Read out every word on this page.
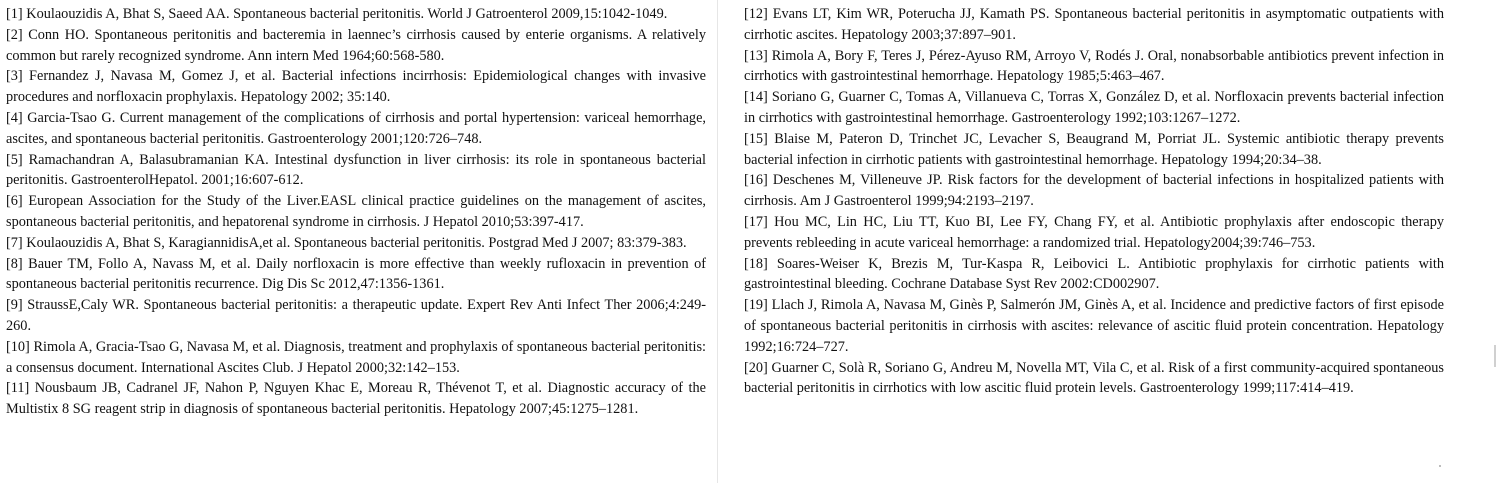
[1] Koulaouzidis A, Bhat S, Saeed AA. Spontaneous bacterial peritonitis. World J Gatroenterol 2009,15:1042-1049.

[2] Conn HO. Spontaneous peritonitis and bacteremia in laennec’s cirrhosis caused by enterie organisms. A relatively common but rarely recognized syndrome. Ann intern Med 1964;60:568-580.

[3] Fernandez J, Navasa M, Gomez J, et al. Bacterial infections incirrhosis: Epidemiological changes with invasive procedures and norfloxacin prophylaxis. Hepatology 2002; 35:140.

[4] Garcia-Tsao G. Current management of the complications of cirrhosis and portal hypertension: variceal hemorrhage, ascites, and spontaneous bacterial peritonitis. Gastroenterology 2001;120:726–748.

[5] Ramachandran A, Balasubramanian KA. Intestinal dysfunction in liver cirrhosis: its role in spontaneous bacterial peritonitis. GastroenterolHepatol. 2001;16:607-612.

[6] European Association for the Study of the Liver.EASL clinical practice guidelines on the management of ascites, spontaneous bacterial peritonitis, and hepatorenal syndrome in cirrhosis. J Hepatol 2010;53:397-417.

[7] Koulaouzidis A, Bhat S, KaragiannidisA,et al. Spontaneous bacterial peritonitis. Postgrad Med J 2007; 83:379-383.

[8] Bauer TM, Follo A, Navass M, et al. Daily norfloxacin is more effective than weekly rufloxacin in prevention of spontaneous bacterial peritonitis recurrence. Dig Dis Sc 2012,47:1356-1361.

[9] StraussE,Caly WR. Spontaneous bacterial peritonitis: a therapeutic update. Expert Rev Anti Infect Ther 2006;4:249-260.

[10] Rimola A, Gracia-Tsao G, Navasa M, et al. Diagnosis, treatment and prophylaxis of spontaneous bacterial peritonitis: a consensus document. International Ascites Club. J Hepatol 2000;32:142–153.

[11] Nousbaum JB, Cadranel JF, Nahon P, Nguyen Khac E, Moreau R, Thévenot T, et al. Diagnostic accuracy of the Multistix 8 SG reagent strip in diagnosis of spontaneous bacterial peritonitis. Hepatology 2007;45:1275–1281.

[12] Evans LT, Kim WR, Poterucha JJ, Kamath PS. Spontaneous bacterial peritonitis in asymptomatic outpatients with cirrhotic ascites. Hepatology 2003;37:897–901.

[13] Rimola A, Bory F, Teres J, Pérez-Ayuso RM, Arroyo V, Rodés J. Oral, nonabsorbable antibiotics prevent infection in cirrhotics with gastrointestinal hemorrhage. Hepatology 1985;5:463–467.

[14] Soriano G, Guarner C, Tomas A, Villanueva C, Torras X, González D, et al. Norfloxacin prevents bacterial infection in cirrhotics with gastrointestinal hemorrhage. Gastroenterology 1992;103:1267–1272.

[15] Blaise M, Pateron D, Trinchet JC, Levacher S, Beaugrand M, Porriat JL. Systemic antibiotic therapy prevents bacterial infection in cirrhotic patients with gastrointestinal hemorrhage. Hepatology 1994;20:34–38.

[16] Deschenes M, Villeneuve JP. Risk factors for the development of bacterial infections in hospitalized patients with cirrhosis. Am J Gastroenterol 1999;94:2193–2197.

[17] Hou MC, Lin HC, Liu TT, Kuo BI, Lee FY, Chang FY, et al. Antibiotic prophylaxis after endoscopic therapy prevents rebleeding in acute variceal hemorrhage: a randomized trial. Hepatology2004;39:746–753.

[18] Soares-Weiser K, Brezis M, Tur-Kaspa R, Leibovici L. Antibiotic prophylaxis for cirrhotic patients with gastrointestinal bleeding. Cochrane Database Syst Rev 2002:CD002907.

[19] Llach J, Rimola A, Navasa M, Ginès P, Salmerón JM, Ginès A, et al. Incidence and predictive factors of first episode of spontaneous bacterial peritonitis in cirrhosis with ascites: relevance of ascitic fluid protein concentration. Hepatology 1992;16:724–727.

[20] Guarner C, Solà R, Soriano G, Andreu M, Novella MT, Vila C, et al. Risk of a first community-acquired spontaneous bacterial peritonitis in cirrhotics with low ascitic fluid protein levels. Gastroenterology 1999;117:414–419.
